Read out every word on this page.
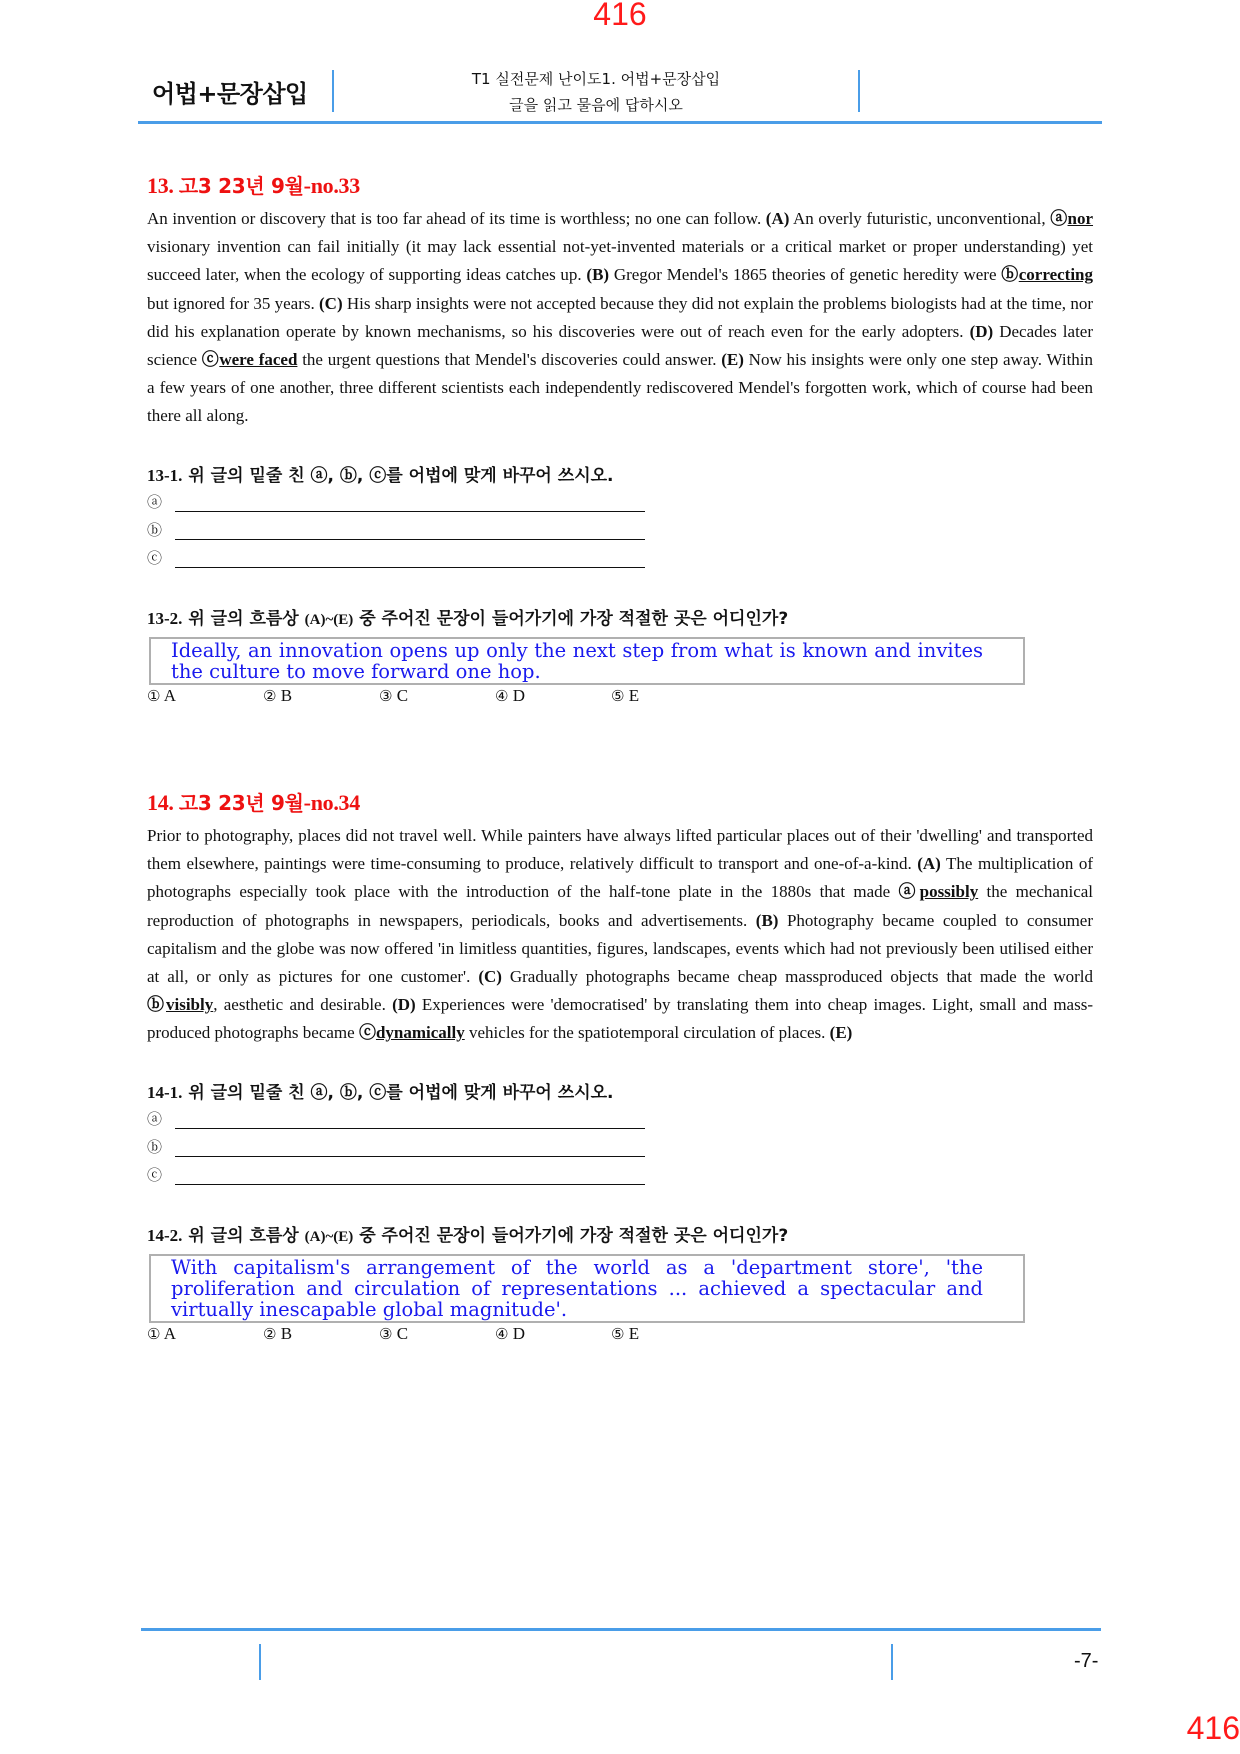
416
어법+문장삽입
T1 실전문제 난이도1. 어법+문장삽입
글을 읽고 물음에 답하시오
13. 고3 23년 9월-no.33

An invention or discovery that is too far ahead of its time is worthless; no one can follow. (A) An overly futuristic, unconventional, ⓐnor visionary invention can fail initially (it may lack essential not-yet-invented materials or a critical market or proper understanding) yet succeed later, when the ecology of supporting ideas catches up. (B) Gregor Mendel's 1865 theories of genetic heredity were ⓑcorrecting but ignored for 35 years. (C) His sharp insights were not accepted because they did not explain the problems biologists had at the time, nor did his explanation operate by known mechanisms, so his discoveries were out of reach even for the early adopters. (D) Decades later science ⓒwere faced the urgent questions that Mendel's discoveries could answer. (E) Now his insights were only one step away. Within a few years of one another, three different scientists each independently rediscovered Mendel's forgotten work, which of course had been there all along.

13-1. 위 글의 밑줄 친 ⓐ, ⓑ, ⓒ를 어법에 맞게 바꾸어 쓰시오.

ⓐ
ⓑ
ⓒ

13-2. 위 글의 흐름상 (A)~(E) 중 주어진 문장이 들어가기에 가장 적절한 곳은 어디인가?

Ideally, an innovation opens up only the next step from what is known and invites the culture to move forward one hop.
① A	② B	③ C	④ D	⑤ E
14. 고3 23년 9월-no.34

Prior to photography, places did not travel well. While painters have always lifted particular places out of their 'dwelling' and transported them elsewhere, paintings were time-consuming to produce, relatively difficult to transport and one-of-a-kind. (A) The multiplication of photographs especially took place with the introduction of the half-tone plate in the 1880s that made ⓐpossibly the mechanical reproduction of photographs in newspapers, periodicals, books and advertisements. (B) Photography became coupled to consumer capitalism and the globe was now offered 'in limitless quantities, figures, landscapes, events which had not previously been utilised either at all, or only as pictures for one customer'. (C) Gradually photographs became cheap massproduced objects that made the world ⓑvisibly, aesthetic and desirable. (D) Experiences were 'democratised' by translating them into cheap images. Light, small and mass-produced photographs became ⓒdynamically vehicles for the spatiotemporal circulation of places. (E)

14-1. 위 글의 밑줄 친 ⓐ, ⓑ, ⓒ를 어법에 맞게 바꾸어 쓰시오.

ⓐ
ⓑ
ⓒ

14-2. 위 글의 흐름상 (A)~(E) 중 주어진 문장이 들어가기에 가장 적절한 곳은 어디인가?

With capitalism's arrangement of the world as a 'department store', 'the proliferation and circulation of representations ... achieved a spectacular and virtually inescapable global magnitude'.
① A	② B	③ C	④ D	⑤ E
-7-
416
